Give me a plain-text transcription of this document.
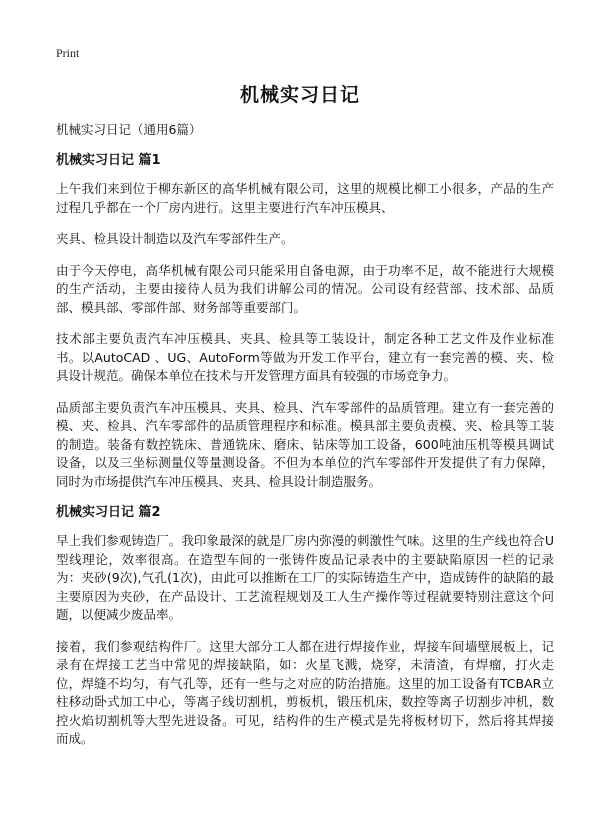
Print
机械实习日记

机械实习日记（通用6篇）

机械实习日记 篇1

上午我们来到位于柳东新区的高华机械有限公司，这里的规模比柳工小很多，产品的生产过程几乎都在一个厂房内进行。这里主要进行汽车冲压模具、

夹具、检具设计制造以及汽车零部件生产。

由于今天停电，高华机械有限公司只能采用自备电源，由于功率不足，故不能进行大规模的生产活动，主要由接待人员为我们讲解公司的情况。公司设有经营部、技术部、品质部、模具部、零部件部、财务部等重要部门。

技术部主要负责汽车冲压模具、夹具、检具等工装设计，制定各种工艺文件及作业标准书。以AutoCAD 、UG、AutoForm等做为开发工作平台，建立有一套完善的模、夹、检具设计规范。确保本单位在技术与开发管理方面具有较强的市场竞争力。

品质部主要负责汽车冲压模具、夹具、检具、汽车零部件的品质管理。建立有一套完善的模、夹、检具、汽车零部件的品质管理程序和标准。模具部主要负责模、夹、检具等工装的制造。装备有数控铣床、普通铣床、磨床、钻床等加工设备，600吨油压机等模具调试设备，以及三坐标测量仪等量测设备。不但为本单位的汽车零部件开发提供了有力保障，同时为市场提供汽车冲压模具、夹具、检具设计制造服务。

机械实习日记 篇2

早上我们参观铸造厂。我印象最深的就是厂房内弥漫的刺激性气味。这里的生产线也符合U型线理论，效率很高。在造型车间的一张铸件废品记录表中的主要缺陷原因一栏的记录为：夹砂(9次),气孔(1次)，由此可以推断在工厂的实际铸造生产中，造成铸件的缺陷的最主要原因为夹砂，在产品设计、工艺流程规划及工人生产操作等过程就要特别注意这个问题，以便减少废品率。

接着，我们参观结构件厂。这里大部分工人都在进行焊接作业，焊接车间墙壁展板上，记录有在焊接工艺当中常见的焊接缺陷，如：火星飞溅，烧穿，未清渣，有焊瘤，打火走位，焊缝不均匀，有气孔等，还有一些与之对应的防治措施。这里的加工设备有TCBAR立柱移动卧式加工中心，等离子线切割机，剪板机，锻压机床，数控等离子切割步冲机，数控火焰切割机等大型先进设备。可见，结构件的生产模式是先将板材切下，然后将其焊接而成。
